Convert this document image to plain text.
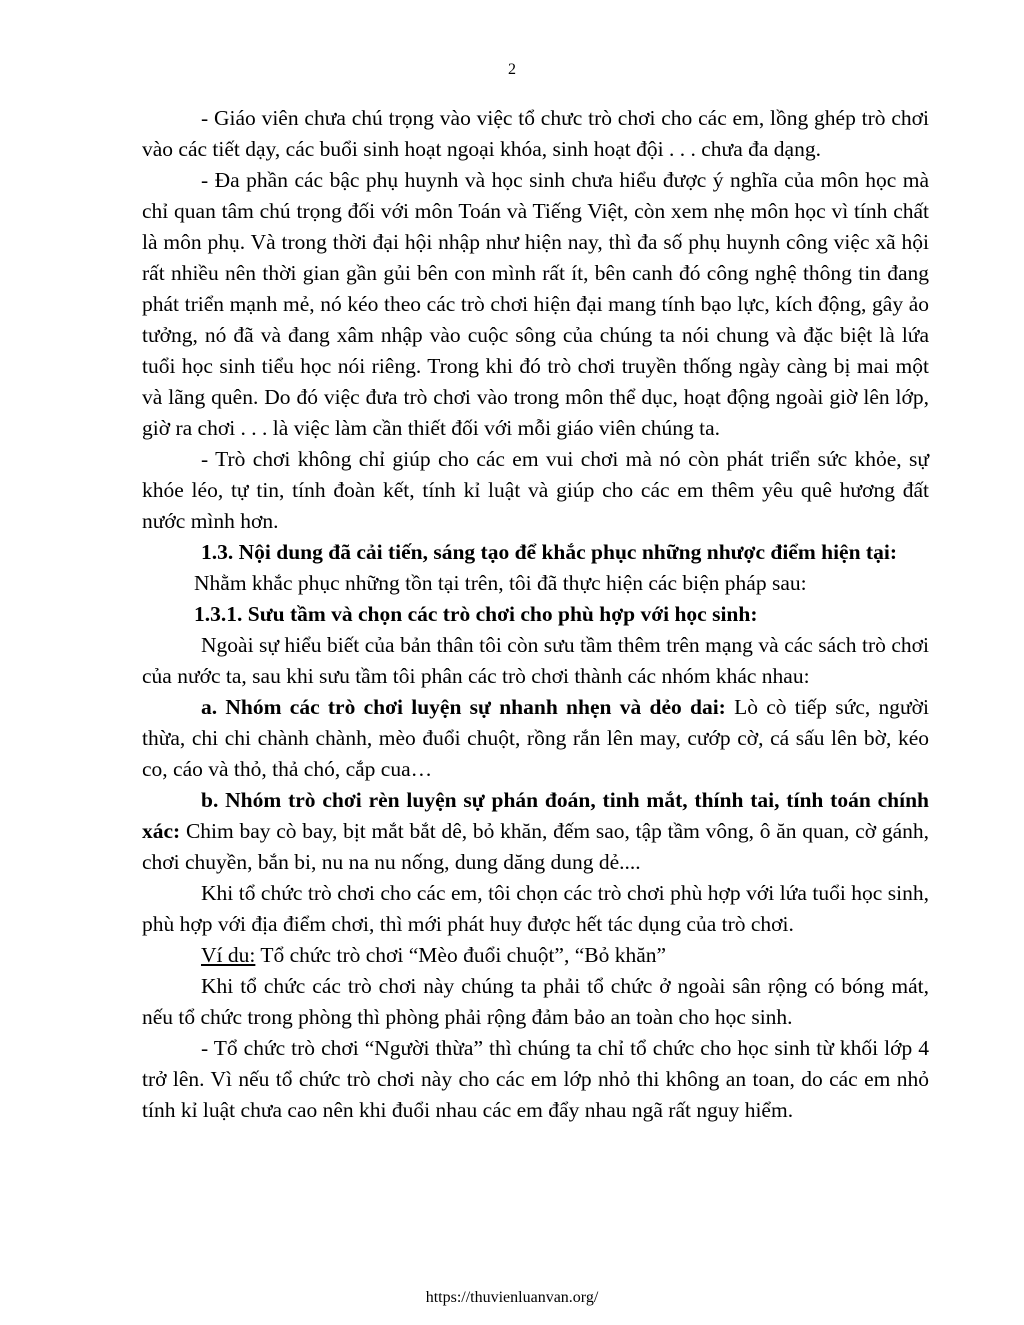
2

- Giáo viên chưa chú trọng vào việc tổ chưc trò chơi cho các em, lồng ghép trò chơi vào các tiết dạy, các buổi sinh hoạt ngoại khóa, sinh hoạt đội . . . chưa đa dạng.

- Đa phần các bậc phụ huynh và học sinh chưa hiểu được ý nghĩa của môn học mà chỉ quan tâm chú trọng đối với môn Toán và Tiếng Việt, còn xem nhẹ môn học vì tính chất là môn phụ. Và trong thời đại hội nhập như hiện nay, thì đa số phụ huynh công việc xã hội rất nhiều nên thời gian gần gủi bên con mình rất ít, bên canh đó công nghệ thông tin đang phát triển mạnh mẻ, nó kéo theo các trò chơi hiện đại mang tính bạo lực, kích động, gây ảo tưởng, nó đã và đang xâm nhập vào cuộc sông của chúng ta nói chung và đặc biệt là lứa tuổi học sinh tiểu học nói riêng. Trong khi đó trò chơi truyền thống ngày càng bị mai một và lãng quên. Do đó việc đưa trò chơi vào trong môn thể dục, hoạt động ngoài giờ lên lớp, giờ ra chơi . . . là việc làm cần thiết đối với mỗi giáo viên chúng ta.

- Trò chơi không chỉ giúp cho các em vui chơi mà nó còn phát triển sức khỏe, sự khóe léo, tự tin, tính đoàn kết, tính kỉ luật và giúp cho các em thêm yêu quê hương đất nước mình hơn.

1.3. Nội dung đã cải tiến, sáng tạo để khắc phục những nhược điểm hiện tại:

Nhằm khắc phục những tồn tại trên, tôi đã thực hiện các biện pháp sau:

1.3.1. Sưu tầm và chọn các trò chơi cho phù hợp với học sinh:

Ngoài sự hiểu biết của bản thân tôi còn sưu tầm thêm trên mạng và các sách trò chơi của nước ta, sau khi sưu tầm tôi phân các trò chơi thành các nhóm khác nhau:

a. Nhóm các trò chơi luyện sự nhanh nhẹn và dẻo dai: Lò cò tiếp sức, người thừa, chi chi chành chành, mèo đuổi chuột, rồng rắn lên may, cướp cờ, cá sấu lên bờ, kéo co, cáo và thỏ, thả chó, cắp cua…

b. Nhóm trò chơi rèn luyện sự phán đoán, tinh mắt, thính tai, tính toán chính xác: Chim bay cò bay, bịt mắt bắt dê, bỏ khăn, đếm sao, tập tầm vông, ô ăn quan, cờ gánh, chơi chuyền, bắn bi, nu na nu nống, dung dăng dung dẻ....

Khi tổ chức trò chơi cho các em, tôi chọn các trò chơi phù hợp với lứa tuổi học sinh, phù hợp với địa điểm chơi, thì mới phát huy được hết tác dụng của trò chơi.

Ví du: Tổ chức trò chơi “Mèo đuổi chuột”, “Bỏ khăn”

Khi tổ chức các trò chơi này chúng ta phải tổ chức ở ngoài sân rộng có bóng mát, nếu tổ chức trong phòng thì phòng phải rộng đảm bảo an toàn cho học sinh.

- Tổ chức trò chơi “Người thừa” thì chúng ta chỉ tổ chức cho học sinh từ khối lớp 4 trở lên. Vì nếu tổ chức trò chơi này cho các em lớp nhỏ thi không an toan, do các em nhỏ tính kỉ luật chưa cao nên khi đuổi nhau các em đẩy nhau ngã rất nguy hiểm.

https://thuvienluanvan.org/
